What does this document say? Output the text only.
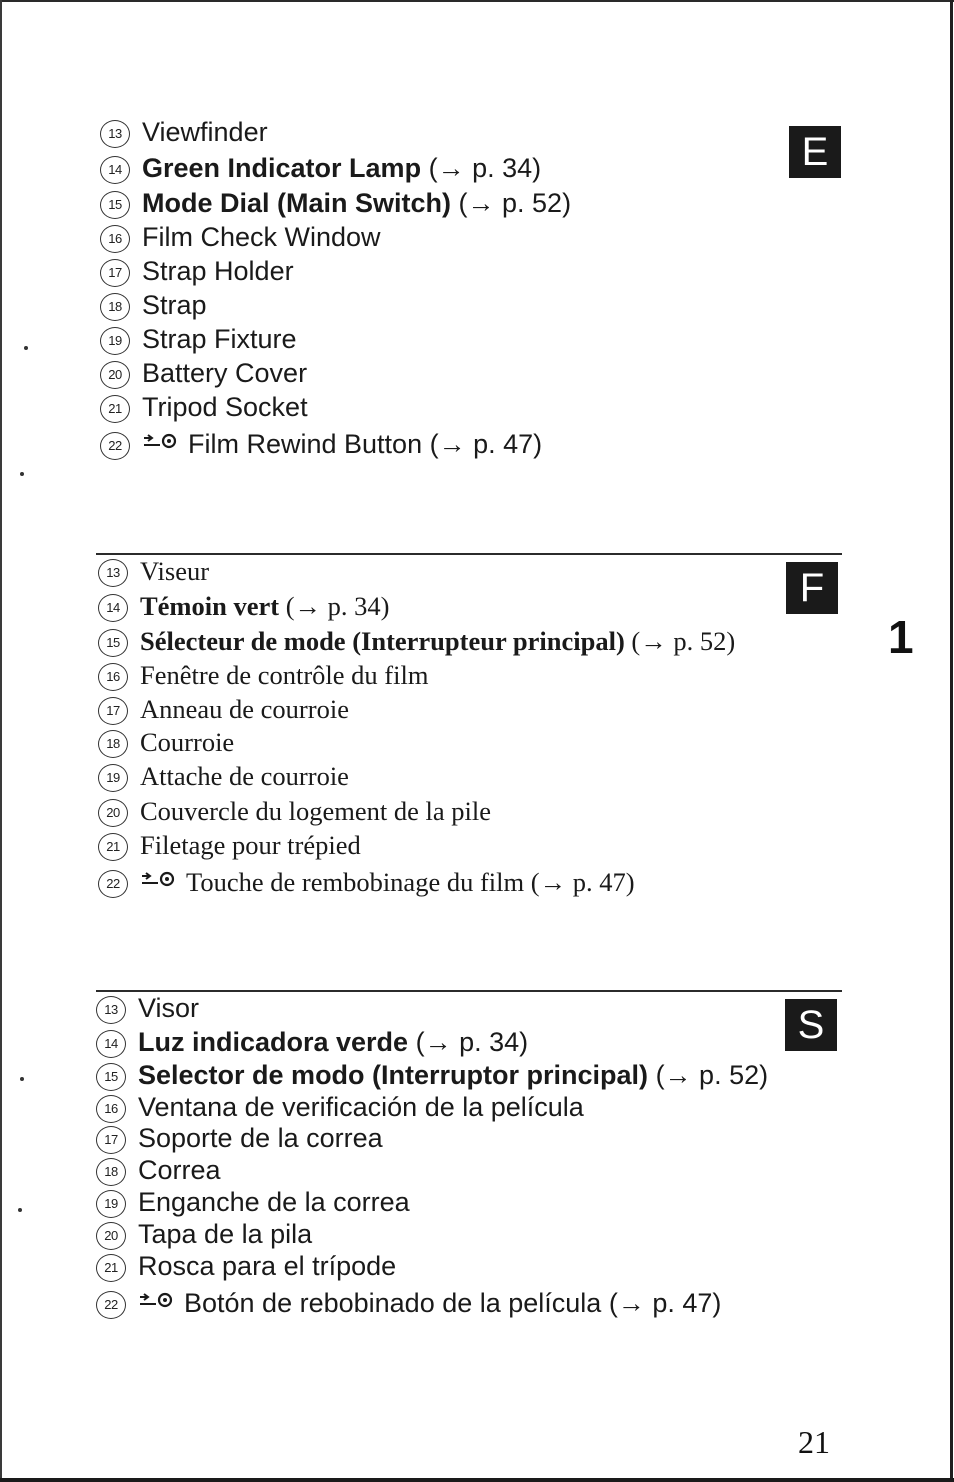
E
13 Viewfinder
14 Green Indicator Lamp (→ p. 34)
15 Mode Dial (Main Switch) (→ p. 52)
16 Film Check Window
17 Strap Holder
18 Strap
19 Strap Fixture
20 Battery Cover
21 Tripod Socket
22 Film Rewind Button (→ p. 47)
F
13 Viseur
14 Témoin vert (→ p. 34)
15 Sélecteur de mode (Interrupteur principal) (→ p. 52)
16 Fenêtre de contrôle du film
17 Anneau de courroie
18 Courroie
19 Attache de courroie
20 Couvercle du logement de la pile
21 Filetage pour trépied
22	Touche de rembobinage du film (→ p. 47)
1
S
13 Visor
14 Luz indicadora verde (→ p. 34)
15 Selector de modo (Interruptor principal) (→ p. 52)
16 Ventana de verificación de la película
17 Soporte de la correa
18 Correa
19 Enganche de la correa
20 Tapa de la pila
21 Rosca para el trípode
22 Botón de rebobinado de la película (→ p. 47)
21
